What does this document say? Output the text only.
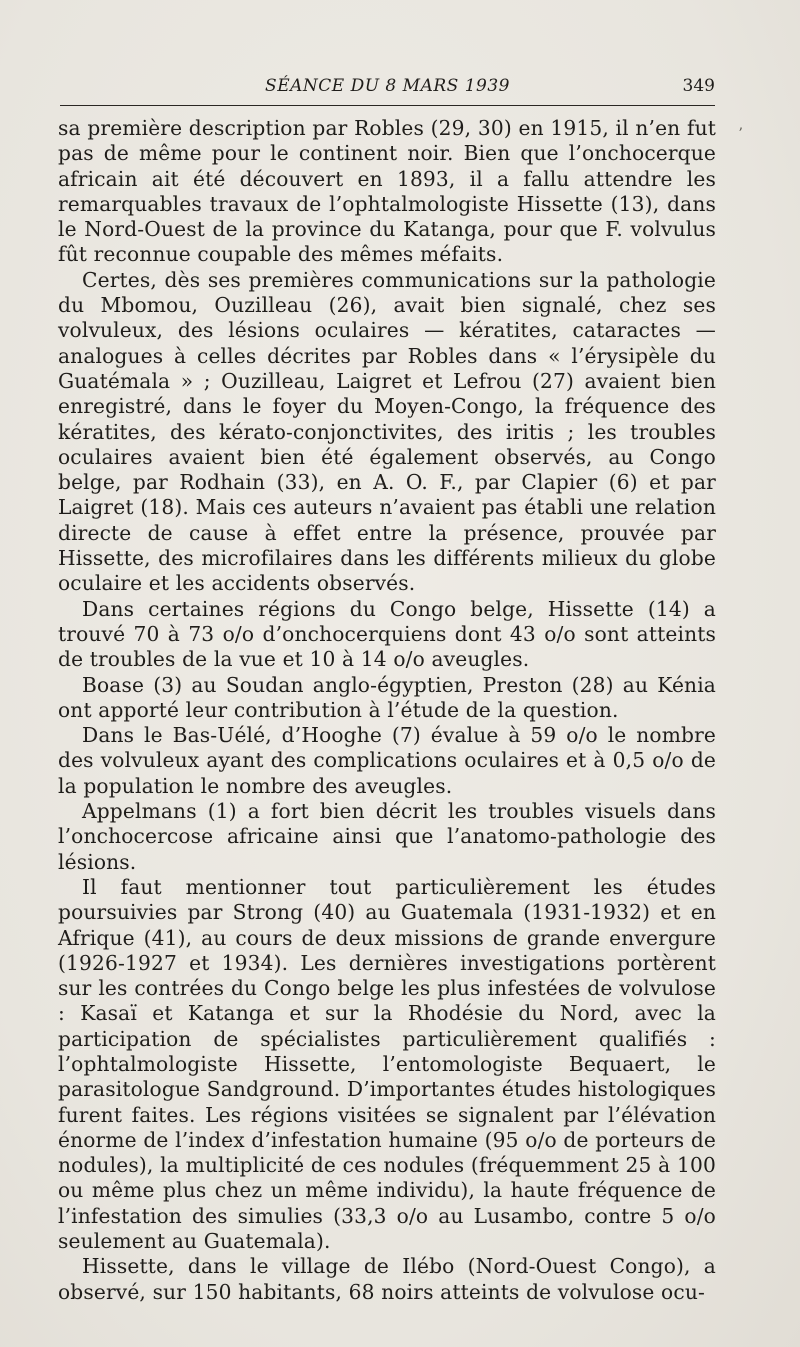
SÉANCE DU 8 MARS 1939	349
ʼ

sa première description par Robles (29, 30) en 1915, il n’en fut pas de même pour le continent noir. Bien que l’onchocerque africain ait été découvert en 1893, il a fallu attendre les remarquables travaux de l’ophtalmologiste Hissette (13), dans le Nord-Ouest de la province du Katanga, pour que F. volvulus fût reconnue coupable des mêmes méfaits.

Certes, dès ses premières communications sur la pathologie du Mbomou, Ouzilleau (26), avait bien signalé, chez ses volvuleux, des lésions oculaires — kératites, cataractes — analogues à celles décrites par Robles dans « l’érysipèle du Guatémala » ; Ouzilleau, Laigret et Lefrou (27) avaient bien enregistré, dans le foyer du Moyen-Congo, la fréquence des kératites, des kérato-conjonctivites, des iritis ; les troubles oculaires avaient bien été également observés, au Congo belge, par Rodhain (33), en A. O. F., par Clapier (6) et par Laigret (18). Mais ces auteurs n’avaient pas établi une relation directe de cause à effet entre la présence, prouvée par Hissette, des microfilaires dans les différents milieux du globe oculaire et les accidents observés.

Dans certaines régions du Congo belge, Hissette (14) a trouvé 70 à 73 o/o d’onchocerquiens dont 43 o/o sont atteints de troubles de la vue et 10 à 14 o/o aveugles.

Boase (3) au Soudan anglo-égyptien, Preston (28) au Kénia ont apporté leur contribution à l’étude de la question.

Dans le Bas-Uélé, d’Hooghe (7) évalue à 59 o/o le nombre des volvuleux ayant des complications oculaires et à 0,5 o/o de la population le nombre des aveugles.

Appelmans (1) a fort bien décrit les troubles visuels dans l’onchocercose africaine ainsi que l’anatomo-pathologie des lésions.

Il faut mentionner tout particulièrement les études poursuivies par Strong (40) au Guatemala (1931-1932) et en Afrique (41), au cours de deux missions de grande envergure (1926-1927 et 1934). Les dernières investigations portèrent sur les contrées du Congo belge les plus infestées de volvulose : Kasaï et Katanga et sur la Rhodésie du Nord, avec la participation de spécialistes particulièrement qualifiés : l’ophtalmologiste Hissette, l’entomologiste Bequaert, le parasitologue Sandground. D’importantes études histologiques furent faites. Les régions visitées se signalent par l’élévation énorme de l’index d’infestation humaine (95 o/o de porteurs de nodules), la multiplicité de ces nodules (fréquemment 25 à 100 ou même plus chez un même individu), la haute fréquence de l’infestation des simulies (33,3 o/o au Lusambo, contre 5 o/o seulement au Guatemala).

Hissette, dans le village de Ilébo (Nord-Ouest Congo), a observé, sur 150 habitants, 68 noirs atteints de volvulose ocu-
